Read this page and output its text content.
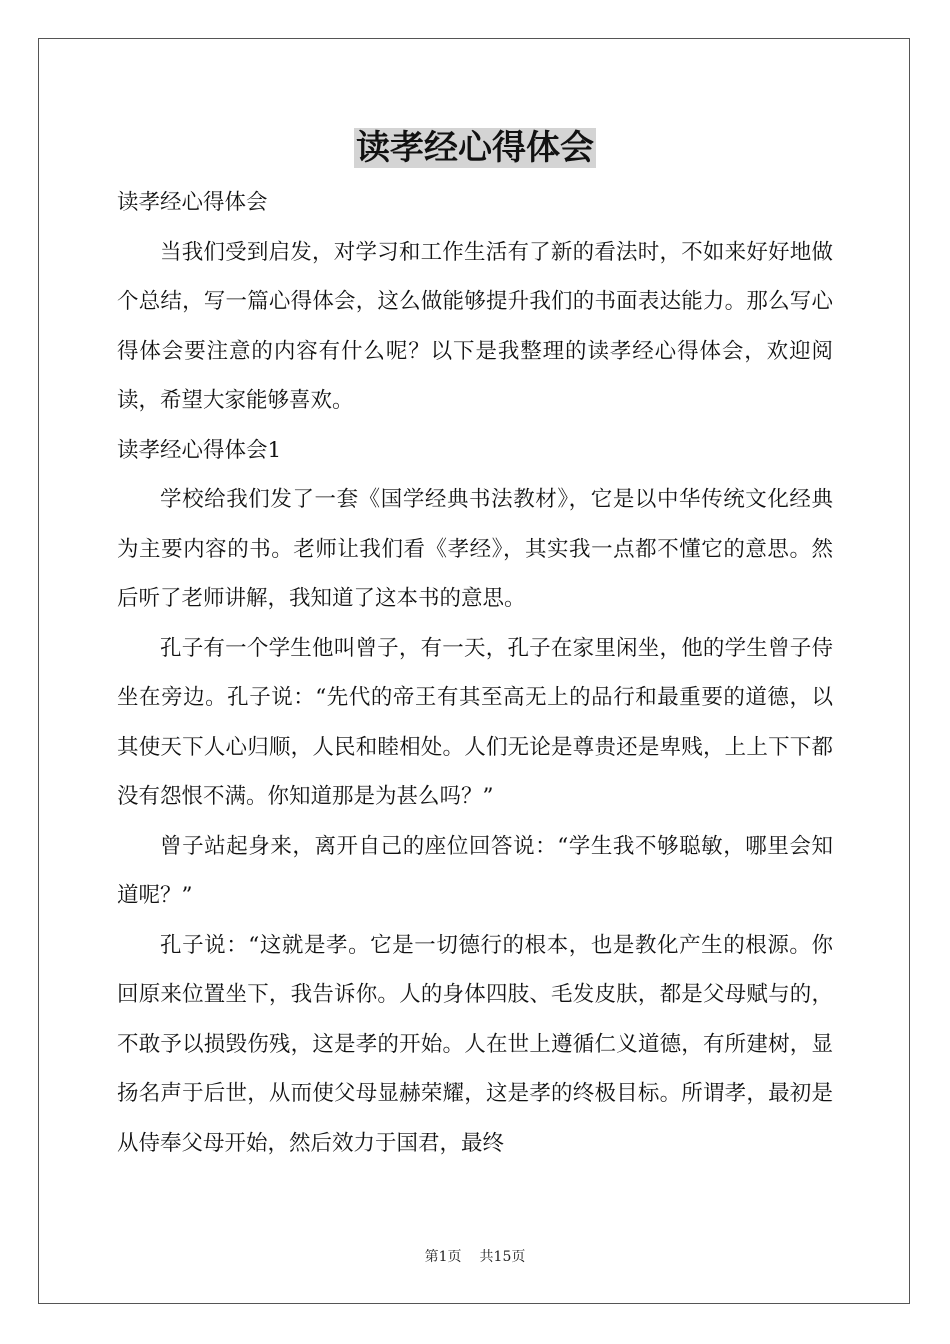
读孝经心得体会

读孝经心得体会

当我们受到启发，对学习和工作生活有了新的看法时，不如来好好地做个总结，写一篇心得体会，这么做能够提升我们的书面表达能力。那么写心得体会要注意的内容有什么呢？以下是我整理的读孝经心得体会，欢迎阅读，希望大家能够喜欢。

读孝经心得体会1

学校给我们发了一套《国学经典书法教材》，它是以中华传统文化经典为主要内容的书。老师让我们看《孝经》，其实我一点都不懂它的意思。然后听了老师讲解，我知道了这本书的意思。

孔子有一个学生他叫曾子，有一天，孔子在家里闲坐，他的学生曾子侍坐在旁边。孔子说：“先代的帝王有其至高无上的品行和最重要的道德，以其使天下人心归顺，人民和睦相处。人们无论是尊贵还是卑贱，上上下下都没有怨恨不满。你知道那是为甚么吗？”

曾子站起身来，离开自己的座位回答说：“学生我不够聪敏，哪里会知道呢？”

孔子说：“这就是孝。它是一切德行的根本，也是教化产生的根源。你回原来位置坐下，我告诉你。人的身体四肢、毛发皮肤，都是父母赋与的，不敢予以损毁伤残，这是孝的开始。人在世上遵循仁义道德，有所建树，显扬名声于后世，从而使父母显赫荣耀，这是孝的终极目标。所谓孝，最初是从侍奉父母开始，然后效力于国君，最终

第1页 共15页
